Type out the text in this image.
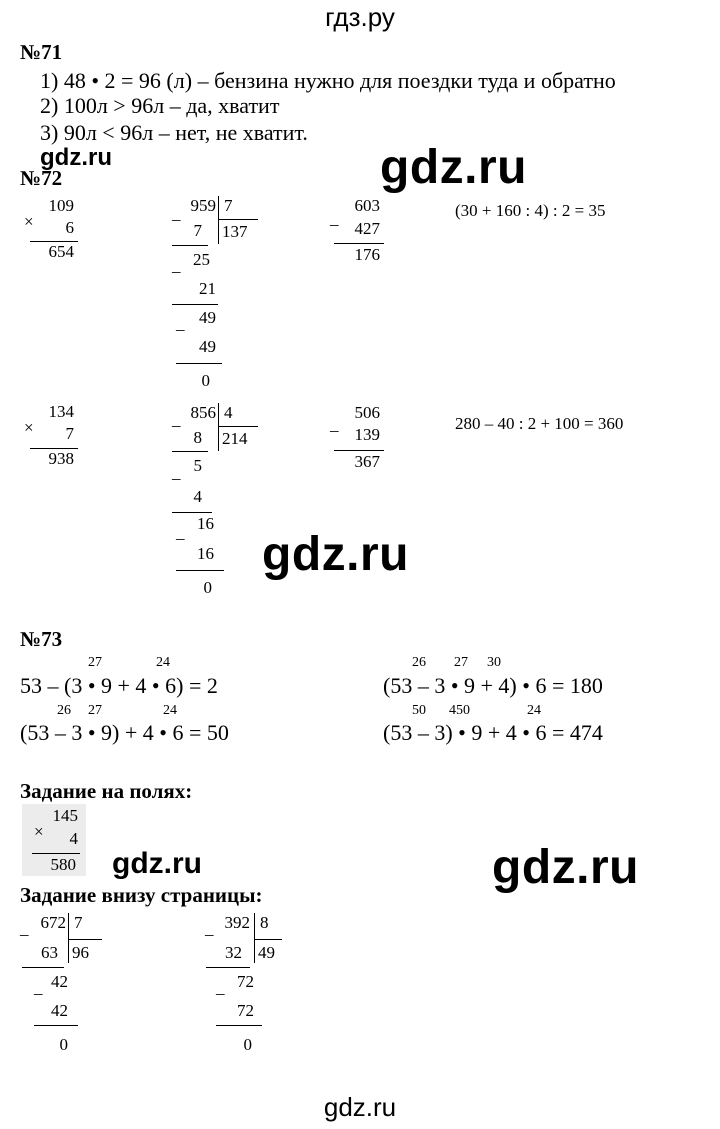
гдз.ру
№71
1) 48 • 2 = 96 (л) – бензина нужно для поездки туда и обратно
2) 100л > 96л – да, хватит
3) 90л < 96л – нет, не хватит.
gdz.ru	gdz.ru
№72
×
109
6
654
_ 959 7
137
7
_ 25
21
_ 49
49
0
_
603
427
176
(30 + 160 : 4) : 2 = 35
×
134
7
938
_ 856 4
214
8
_ 5
4
_ 16
16
0
_
506
139
367
280 – 40 : 2 + 100 = 360
gdz.ru
№73
27	24
53 – (3 • 9 + 4 • 6) = 2
26 27	24
(53 – 3 • 9) + 4 • 6 = 50
26 27 30
(53 – 3 • 9 + 4) • 6 = 180
50 450	24
(53 – 3) • 9 + 4 • 6 = 474
Задание на полях:
×
145
4
580 gdz.ru	gdz.ru
Задание внизу страницы:
_ 672 7
96
63
_ 42
42
0
_ 392 8
49
32
_ 72
72
0
gdz.ru
